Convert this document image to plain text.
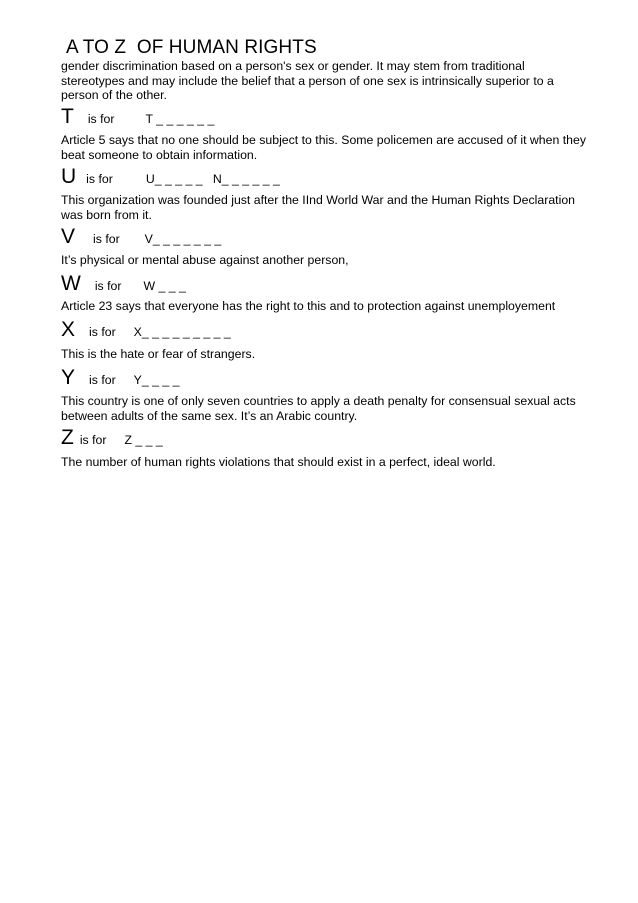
A TO Z  OF HUMAN RIGHTS
gender discrimination based on a person's sex or gender. It may stem from traditional stereotypes and may include the belief that a person of one sex is intrinsically superior to a person of the other.
T is for	T _ _ _ _ _ _
Article 5 says that no one should be subject to this. Some policemen are accused of it when they beat someone to obtain information.
U is for	U_ _ _ _ _   N_ _ _ _ _ _
This organization was founded just after the IInd World War and the Human Rights Declaration was born from it.
V is for V_ _ _ _ _ _ _
It’s physical or mental abuse against another person,
W is for W _ _ _
Article 23 says that everyone has the right to this and to protection against unemployement
X is for X_ _ _ _ _ _ _ _ _
This is the hate or fear of strangers.
Y is for Y_ _ _ _
This country is one of only seven countries to apply a death penalty for consensual sexual acts between adults of the same sex. It’s an Arabic country.
Z is for Z _ _ _
The number of human rights violations that should exist in a perfect, ideal world.
